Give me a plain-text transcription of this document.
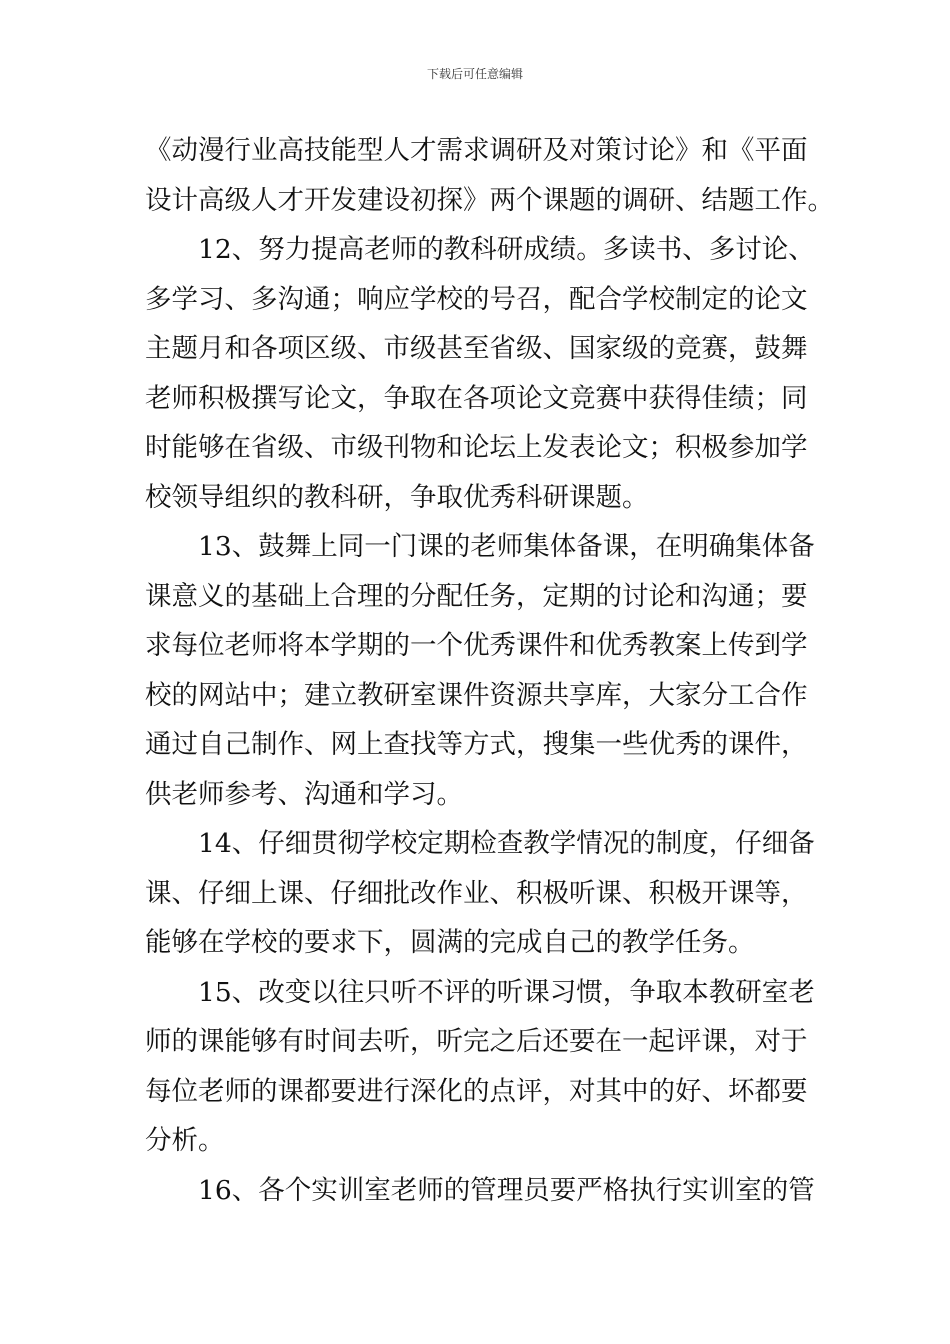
下载后可任意编辑
《动漫行业高技能型人才需求调研及对策讨论》和《平面
设计高级人才开发建设初探》两个课题的调研、结题工作。
12、努力提高老师的教科研成绩。多读书、多讨论、
多学习、多沟通；响应学校的号召，配合学校制定的论文
主题月和各项区级、市级甚至省级、国家级的竞赛，鼓舞
老师积极撰写论文，争取在各项论文竞赛中获得佳绩；同
时能够在省级、市级刊物和论坛上发表论文；积极参加学
校领导组织的教科研，争取优秀科研课题。
13、鼓舞上同一门课的老师集体备课，在明确集体备
课意义的基础上合理的分配任务，定期的讨论和沟通；要
求每位老师将本学期的一个优秀课件和优秀教案上传到学
校的网站中；建立教研室课件资源共享库，大家分工合作
通过自己制作、网上查找等方式，搜集一些优秀的课件，
供老师参考、沟通和学习。
14、仔细贯彻学校定期检查教学情况的制度，仔细备
课、仔细上课、仔细批改作业、积极听课、积极开课等，
能够在学校的要求下，圆满的完成自己的教学任务。
15、改变以往只听不评的听课习惯，争取本教研室老
师的课能够有时间去听，听完之后还要在一起评课，对于
每位老师的课都要进行深化的点评，对其中的好、坏都要
分析。
16、各个实训室老师的管理员要严格执行实训室的管
